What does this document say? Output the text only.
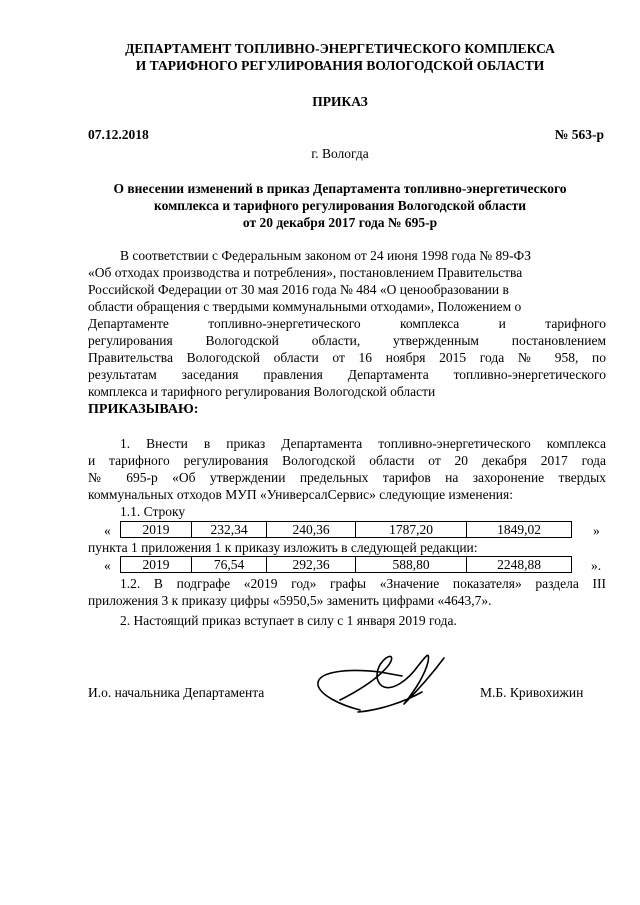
ДЕПАРТАМЕНТ ТОПЛИВНО-ЭНЕРГЕТИЧЕСКОГО КОМПЛЕКСА
И ТАРИФНОГО РЕГУЛИРОВАНИЯ ВОЛОГОДСКОЙ ОБЛАСТИ
ПРИКАЗ
07.12.2018	№ 563-р
г. Вологда
О внесении изменений в приказ Департамента топливно-энергетического
комплекса и тарифного регулирования Вологодской области
от 20 декабря 2017 года № 695-р
В соответствии с Федеральным законом от 24 июня 1998 года № 89-ФЗ
«Об отходах производства и потребления», постановлением Правительства
Российской Федерации от 30 мая 2016 года № 484 «О ценообразовании в
области обращения с твердыми коммунальными отходами», Положением о
Департаменте топливно-энергетического комплекса и тарифного
регулирования Вологодской области, утвержденным постановлением
Правительства Вологодской области от 16 ноября 2015 года № 958, по
результатам заседания правления Департамента топливно-энергетического
комплекса и тарифного регулирования Вологодской области
ПРИКАЗЫВАЮ:
1. Внести в приказ Департамента топливно-энергетического комплекса
и тарифного регулирования Вологодской области от 20 декабря 2017 года
№ 695-р «Об утверждении предельных тарифов на захоронение твердых
коммунальных отходов МУП «УниверсалСервис» следующие изменения:
1.1. Строку
« 2019	232,34	240,36	1787,20	1849,02	»
пункта 1 приложения 1 к приказу изложить в следующей редакции:
« 2019	76,54	292,36	588,80	2248,88	».
1.2. В подграфе «2019 год» графы «Значение показателя» раздела III
приложения 3 к приказу цифры «5950,5» заменить цифрами «4643,7».
2. Настоящий приказ вступает в силу с 1 января 2019 года.
И.о. начальника Департамента	М.Б. Кривохижин
